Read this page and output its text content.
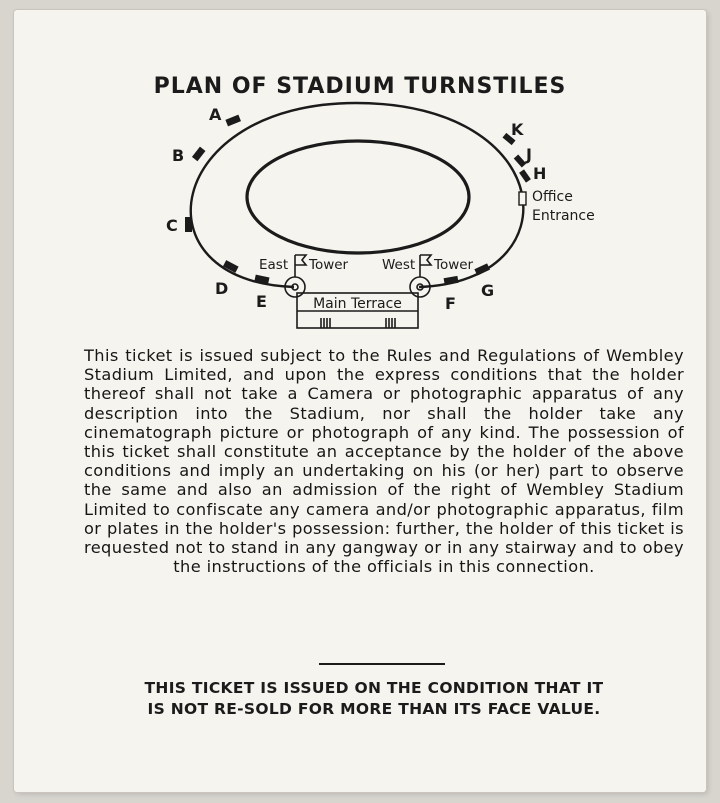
PLAN OF STADIUM TURNSTILES
A
B
C
D
E	F
G
H
J
K
Office
Entrance
East Tower	West Tower
Main Terrace
This ticket is issued subject to the Rules and Regulations of Wembley Stadium Limited, and upon the express conditions that the holder thereof shall not take a Camera or photographic apparatus of any description into the Stadium, nor shall the holder take any cinematograph picture or photograph of any kind. The possession of this ticket shall constitute an acceptance by the holder of the above conditions and imply an undertaking on his (or her) part to observe the same and also an admission of the right of Wembley Stadium Limited to confiscate any camera and/or photographic apparatus, film or plates in the holder's possession: further, the holder of this ticket is requested not to stand in any gangway or in any stairway and to obey the instructions of the officials in this connection.
THIS TICKET IS ISSUED ON THE CONDITION THAT IT
IS NOT RE-SOLD FOR MORE THAN ITS FACE VALUE.
